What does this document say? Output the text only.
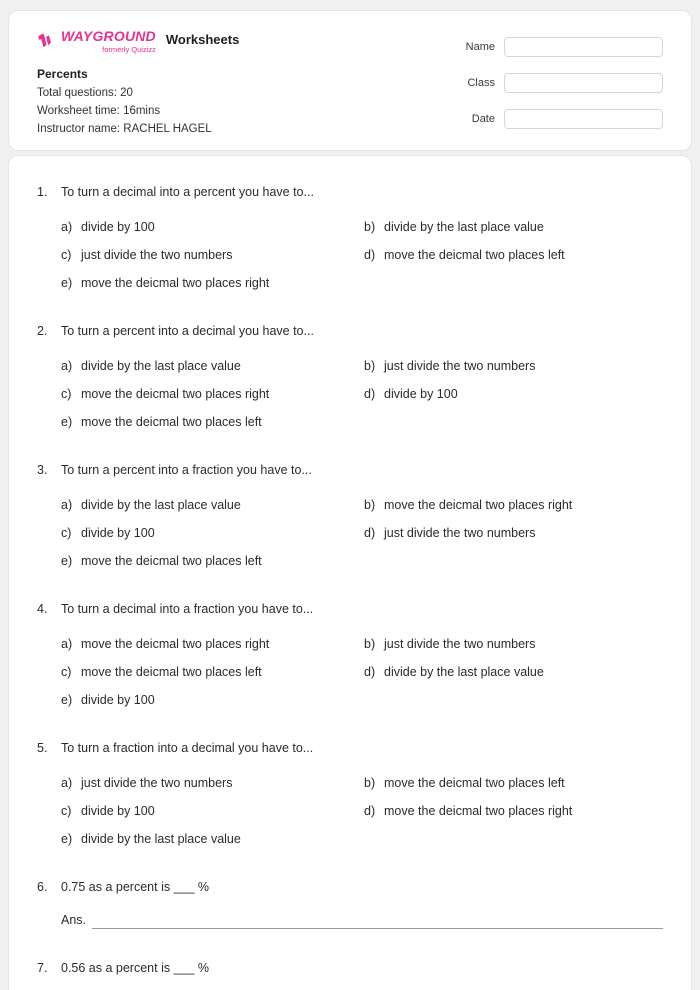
WAYGROUND
formerly Quizizz
Worksheets
Percents
Total questions: 20
Worksheet time: 16mins
Instructor name: RACHEL HAGEL
Name
Class
Date
1.	To turn a decimal into a percent you have to...
a) divide by 100	b) divide by the last place value
c) just divide the two numbers	d) move the deicmal two places left
e) move the deicmal two places right
2.	To turn a percent into a decimal you have to...
a) divide by the last place value	b) just divide the two numbers
c) move the deicmal two places right	d) divide by 100
e) move the deicmal two places left
3.	To turn a percent into a fraction you have to...
a) divide by the last place value	b) move the deicmal two places right
c) divide by 100	d) just divide the two numbers
e) move the deicmal two places left
4.	To turn a decimal into a fraction you have to...
a) move the deicmal two places right	b) just divide the two numbers
c) move the deicmal two places left	d) divide by the last place value
e) divide by 100
5.	To turn a fraction into a decimal you have to...
a) just divide the two numbers	b) move the deicmal two places left
c) divide by 100	d) move the deicmal two places right
e) divide by the last place value
6.	0.75 as a percent is ___ %
Ans.
7.	0.56 as a percent is ___ %
